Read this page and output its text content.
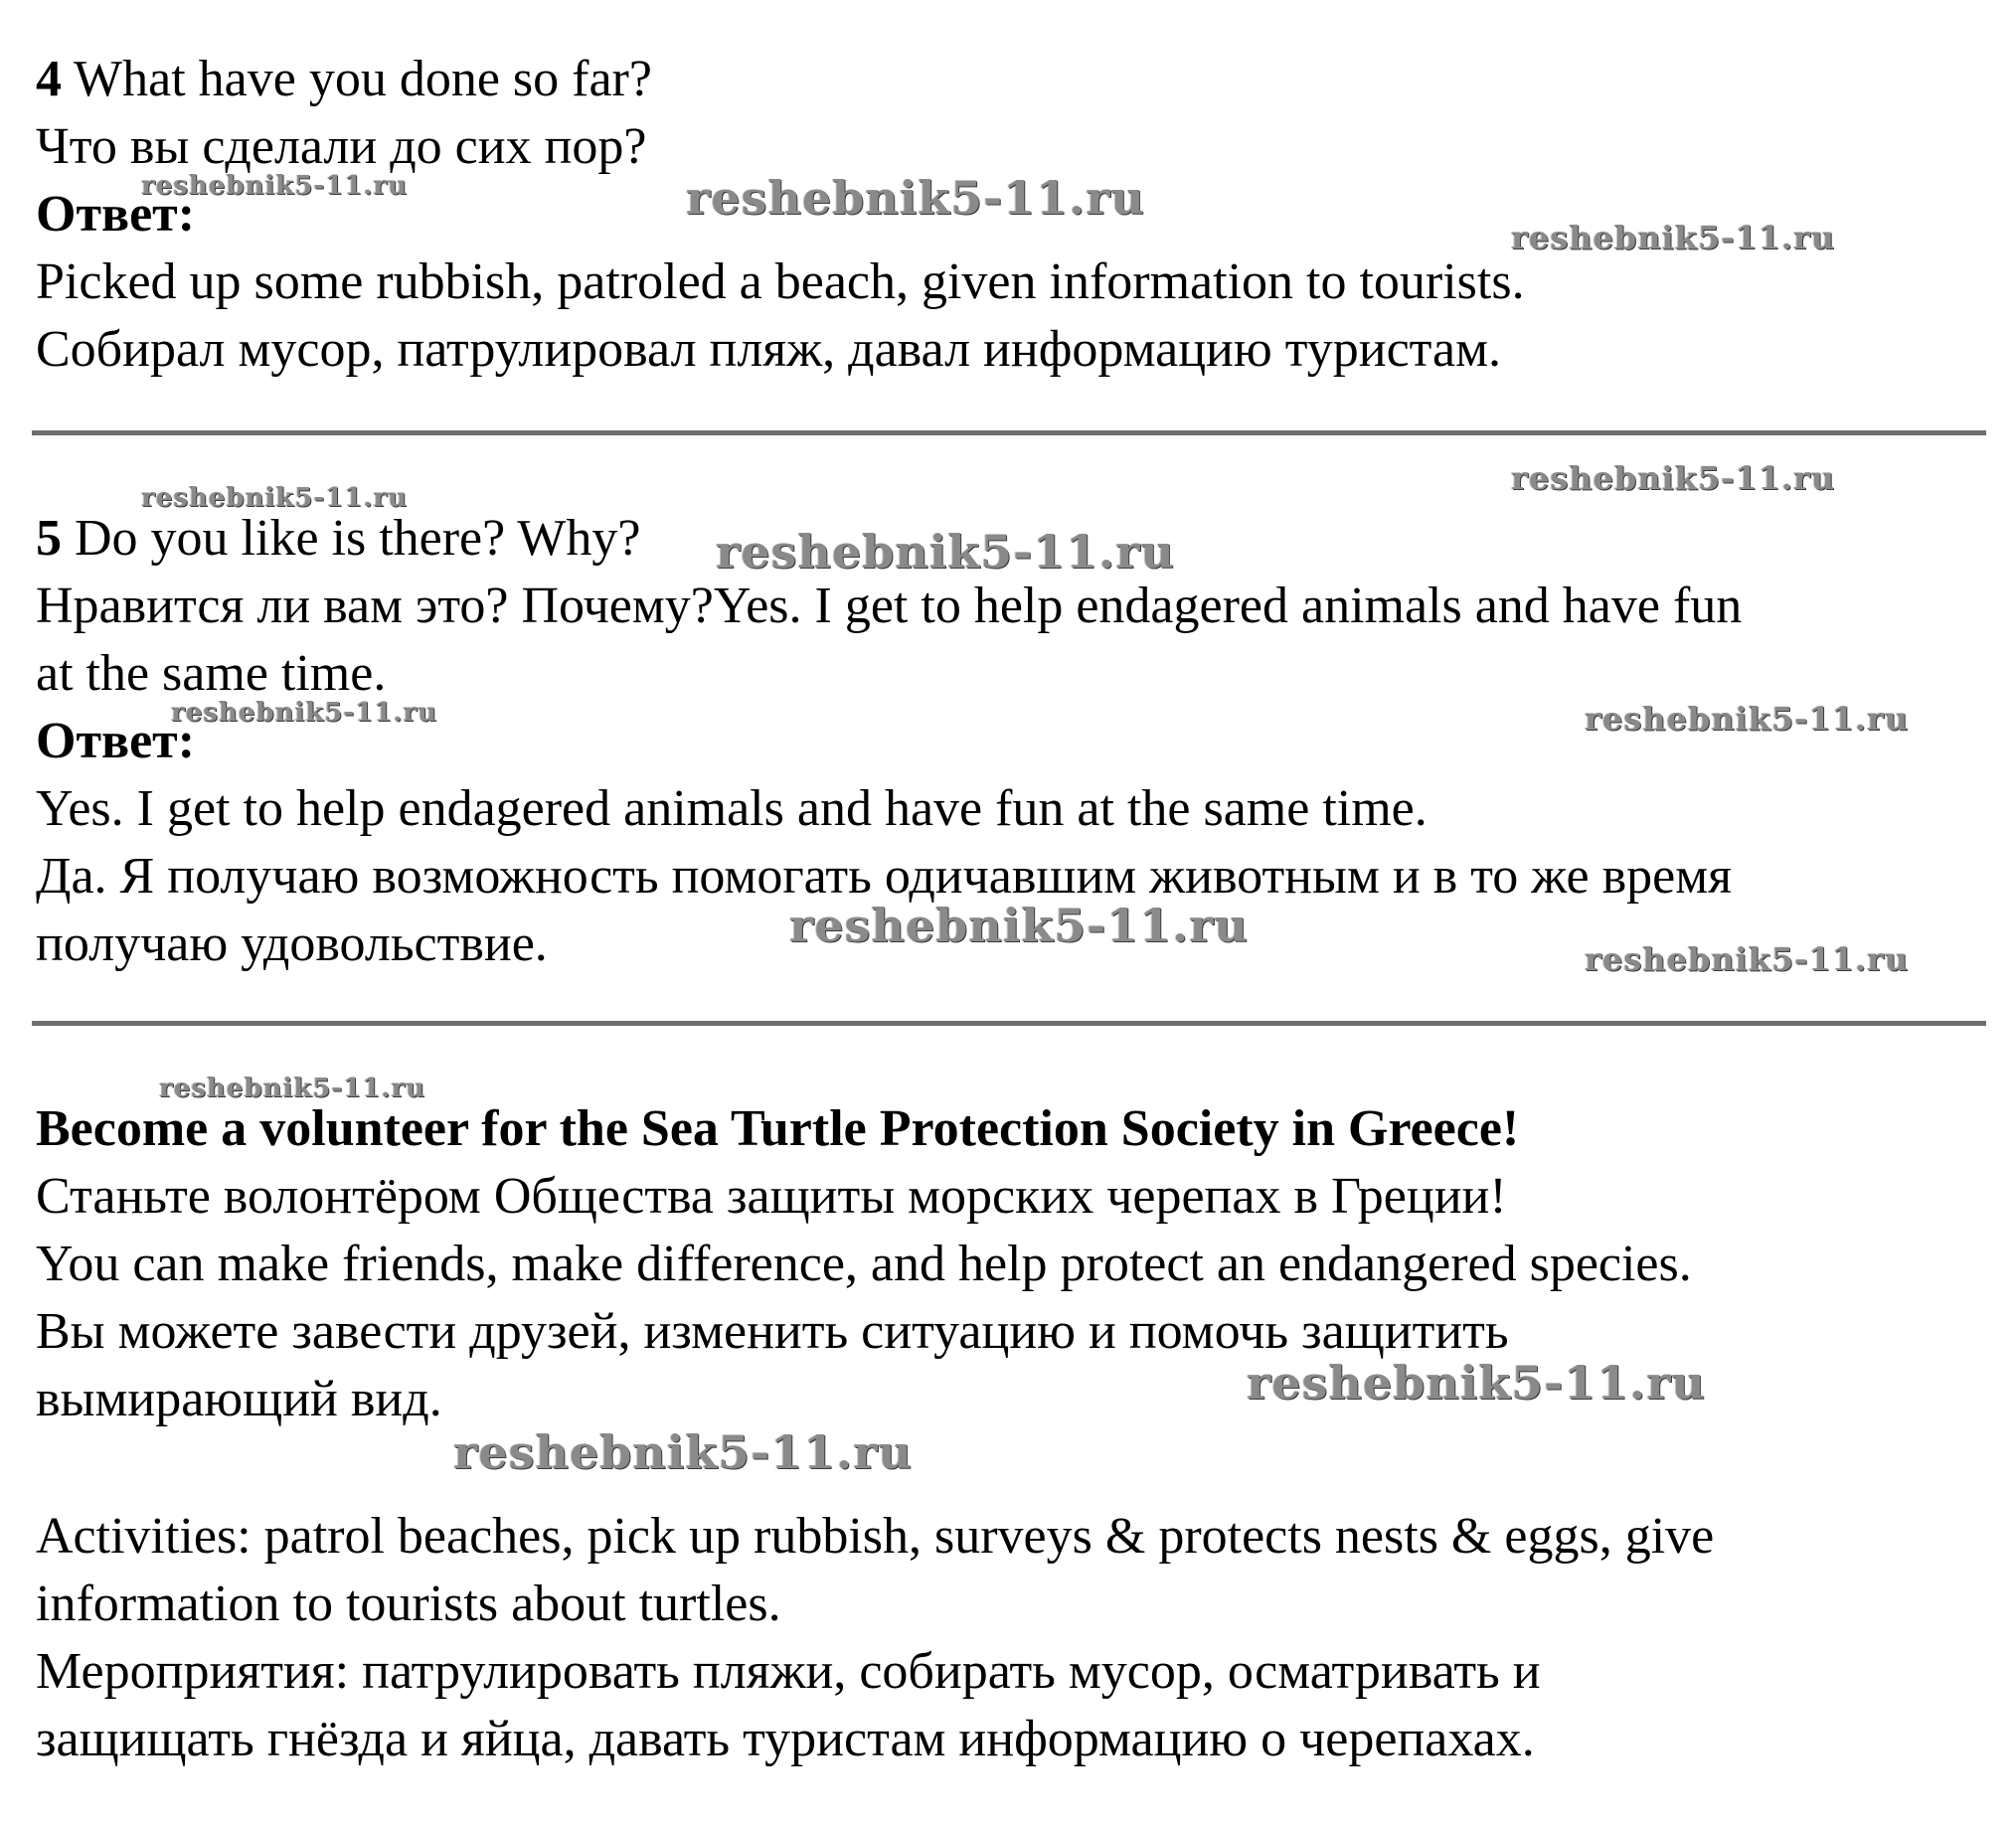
4 What have you done so far?

Что вы сделали до сих пор?

Ответ:

Picked up some rubbish, patroled a beach, given information to tourists.

Собирал мусор, патрулировал пляж, давал информацию туристам.

5 Do you like is there? Why?

Нравится ли вам это? Почему?Yes. I get to help endagered animals and have fun

at the same time.

Ответ:

Yes. I get to help endagered animals and have fun at the same time.

Да. Я получаю возможность помогать одичавшим животным и в то же время

получаю удовольствие.

Become a volunteer for the Sea Turtle Protection Society in Greece!

Станьте волонтёром Общества защиты морских черепах в Греции!

You can make friends, make difference, and help protect an endangered species.

Вы можете завести друзей, изменить ситуацию и помочь защитить

вымирающий вид.

Activities: patrol beaches, pick up rubbish, surveys & protects nests & eggs, give

information to tourists about turtles.

Мероприятия: патрулировать пляжи, собирать мусор, осматривать и

защищать гнёзда и яйца, давать туристам информацию о черепахах.

reshebnik5-11.ru	reshebnik5-11.ru
reshebnik5-11.ru
reshebnik5-11.ru
reshebnik5-11.ru
reshebnik5-11.ru
reshebnik5-11.ru	reshebnik5-11.ru
reshebnik5-11.ru
reshebnik5-11.ru
reshebnik5-11.ru
reshebnik5-11.ru
reshebnik5-11.ru
